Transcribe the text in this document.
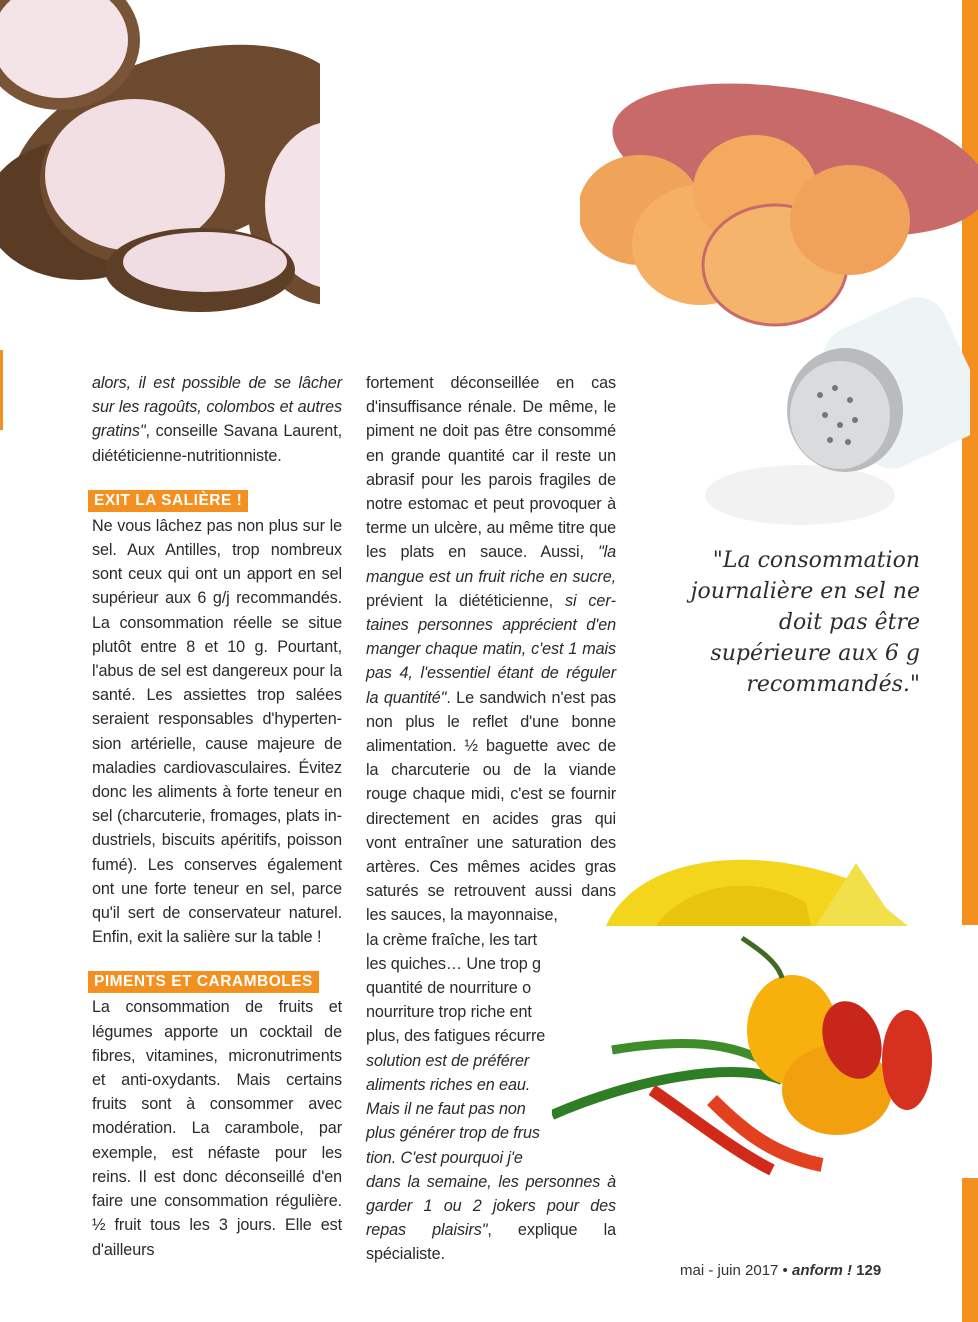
alors, il est possible de se lâcher sur les ragoûts, colombos et autres gratins", conseille Savana Laurent, diététicienne-nutritionniste.

EXIT LA SALIÈRE !

Ne vous lâchez pas non plus sur le sel. Aux Antilles, trop nombreux sont ceux qui ont un apport en sel supérieur aux 6 g/j recommandés. La consommation réelle se situe plutôt entre 8 et 10 g. Pourtant, l'abus de sel est dangereux pour la santé. Les assiettes trop salées seraient responsables d'hypertension artérielle, cause majeure de maladies cardiovasculaires. Évitez donc les aliments à forte teneur en sel (charcuterie, fromages, plats industriels, biscuits apéritifs, poisson fumé). Les conserves également ont une forte teneur en sel, parce qu'il sert de conservateur naturel. Enfin, exit la salière sur la table !

PIMENTS ET CARAMBOLES

La consommation de fruits et légumes apporte un cocktail de fibres, vitamines, micronutriments et anti-oxydants. Mais certains fruits sont à consommer avec modération. La carambole, par exemple, est néfaste pour les reins. Il est donc déconseillé d'en faire une consommation régulière. ½ fruit tous les 3 jours. Elle est d'ailleurs

fortement déconseillée en cas d'insuffisance rénale. De même, le piment ne doit pas être consommé en grande quantité car il reste un abrasif pour les parois fragiles de notre estomac et peut provoquer à terme un ulcère, au même titre que les plats en sauce. Aussi, "la mangue est un fruit riche en sucre, prévient la diététicienne, si certaines personnes apprécient d'en manger chaque matin, c'est 1 mais pas 4, l'essentiel étant de réguler la quantité". Le sandwich n'est pas non plus le reflet d'une bonne alimentation. ½ baguette avec de la charcuterie ou de la viande rouge chaque midi, c'est se fournir directement en acides gras qui vont entraîner une saturation des artères. Ces mêmes acides gras saturés se retrouvent aussi dans les sauces, la mayonnaise,

la crème fraîche, les tart
les quiches… Une trop g
quantité de nourriture o
nourriture trop riche ent
plus, des fatigues récurre
solution est de préférer
aliments riches en eau.
Mais il ne faut pas non
plus générer trop de frus
tion. C'est pourquoi j'e

dans la semaine, les personnes à garder 1 ou 2 jokers pour des repas plaisirs", explique la spécialiste.

"La consommation journalière en sel ne doit pas être supérieure aux 6 g recommandés."
mai - juin 2017 • anform ! 129
